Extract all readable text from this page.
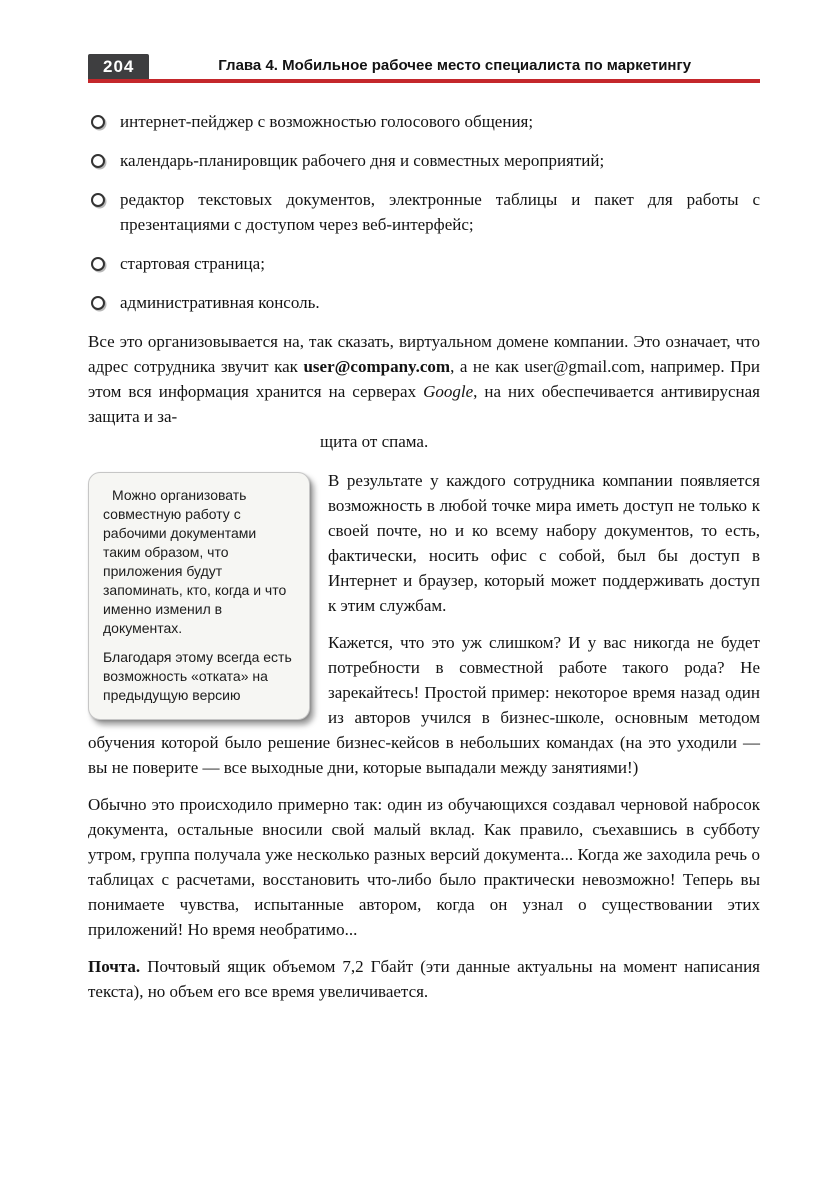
204	Глава 4. Мобильное рабочее место специалиста по маркетингу
интернет-пейджер с возможностью голосового общения;
календарь-планировщик рабочего дня и совместных мероприятий;
редактор текстовых документов, электронные таблицы и пакет для работы с презентациями с доступом через веб-интерфейс;
стартовая страница;
административная консоль.

Все это организовывается на, так сказать, виртуальном домене компании. Это означает, что адрес сотрудника звучит как user@company.com, а не как user@gmail.com, например. При этом вся информация хранится на серверах Google, на них обеспечивается антивирусная защита и за-

щита от спама.

Можно организовать совместную работу с рабочими документами таким образом, что приложения будут запоминать, кто, когда и что именно изменил в документах.

Благодаря этому всегда есть возможность «отката» на предыдущую версию

В результате у каждого сотрудника компании появляется возможность в любой точке мира иметь доступ не только к своей почте, но и ко всему набору документов, то есть, фактически, носить офис с собой, был бы доступ в Интернет и браузер, который может поддерживать доступ к этим службам.

Кажется, что это уж слишком? И у вас никогда не будет потребности в совместной работе такого рода? Не зарекайтесь! Простой пример: некоторое время назад один из авторов учился в бизнес-школе, основным методом обучения которой было решение бизнес-кейсов в небольших командах (на это уходили — вы не поверите — все выходные дни, которые выпадали между занятиями!)

Обычно это происходило примерно так: один из обучающихся создавал черновой набросок документа, остальные вносили свой малый вклад. Как правило, съехавшись в субботу утром, группа получала уже несколько разных версий документа... Когда же заходила речь о таблицах с расчетами, восстановить что-либо было практически невозможно! Теперь вы понимаете чувства, испытанные автором, когда он узнал о существовании этих приложений! Но время необратимо...

Почта. Почтовый ящик объемом 7,2 Гбайт (эти данные актуальны на момент написания текста), но объем его все время увеличивается.
